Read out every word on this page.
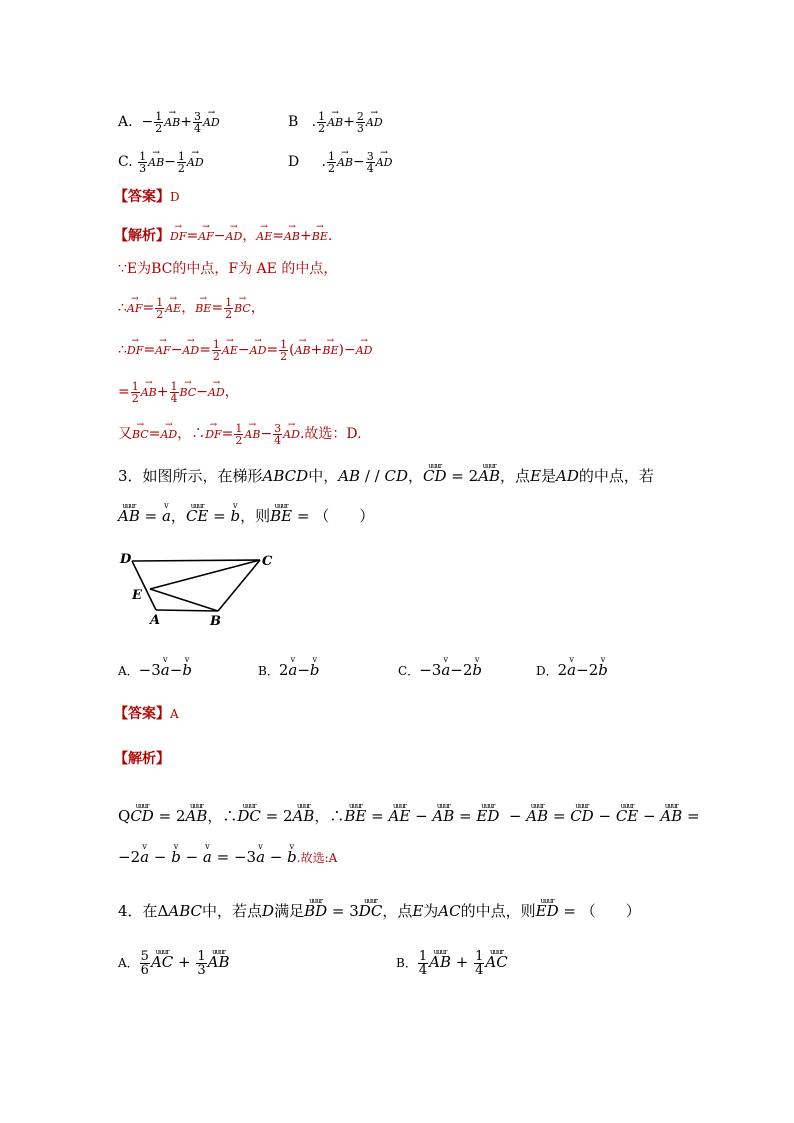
A.  − $\frac{1}{2}$
→ $AB+ \frac{3}{4}$
→ AD	B   . $\frac{1}{2}$
→ $AB+ \frac{2}{3}$
→ AD
C. $\frac{1}{3}$
→ $AB- \frac{1}{2}$
→ AD	D     . $\frac{1}{2}$
→ $AB- \frac{3}{4}$
→ AD
【答案】D
【解析】→ DF=→ AF−→ AD，→ AE=→ AB+→ BE.
∵E为BC的中点，F为 AE 的中点，
∴→ $AF= \frac{1}{2}$
→ AE，→ $BE= \frac{1}{2}$
→ BC，
∴→ $DF=\to AF-\to AD= \frac{1}{2}$
→ $AE-\to AD= \frac{1}{2}$ (→ AB+→ BE)−→ AD
= $\frac{1}{2}$
→ $AB+ \frac{1}{4}$
→ BC−→ AD，
又→ BC=→ AD，∴→ $DF= \frac{1}{2}$
→ $AB- \frac{3}{4}$
→ AD.故选：D.
3．如图所示，在梯形ABCD中，AB / / CD，uuur CD = 2uuur AB，点E是AD的中点，若
uuur AB = v a，uuur CE = v b，则uuur BE = （　　）
D	C
E
A	B
A．−3v a−v b	B．2v a−v b	C．−3v a−2v b	D．2v a−2v b
【答案】A
【解析】
Quuur CD = 2uuur AB，∴uuur DC = 2uuur AB，∴uuur BE = uuur AE − uuur AB = uuur ED  − uuur AB = uuur CD − uuur CE − uuur AB =
−2v a − v b − v a = −3v a − v b.故选:A
4．在ΔABC中，若点D满足uuur BD = 3uuur DC，点E为AC的中点，则uuur ED = （　　）
A． $\frac{5}{6}$
uuur AC + $\frac{1}{3}$
uuur AB	B． $\frac{1}{4}$
uuur AB + $\frac{1}{4}$
uuur AC
